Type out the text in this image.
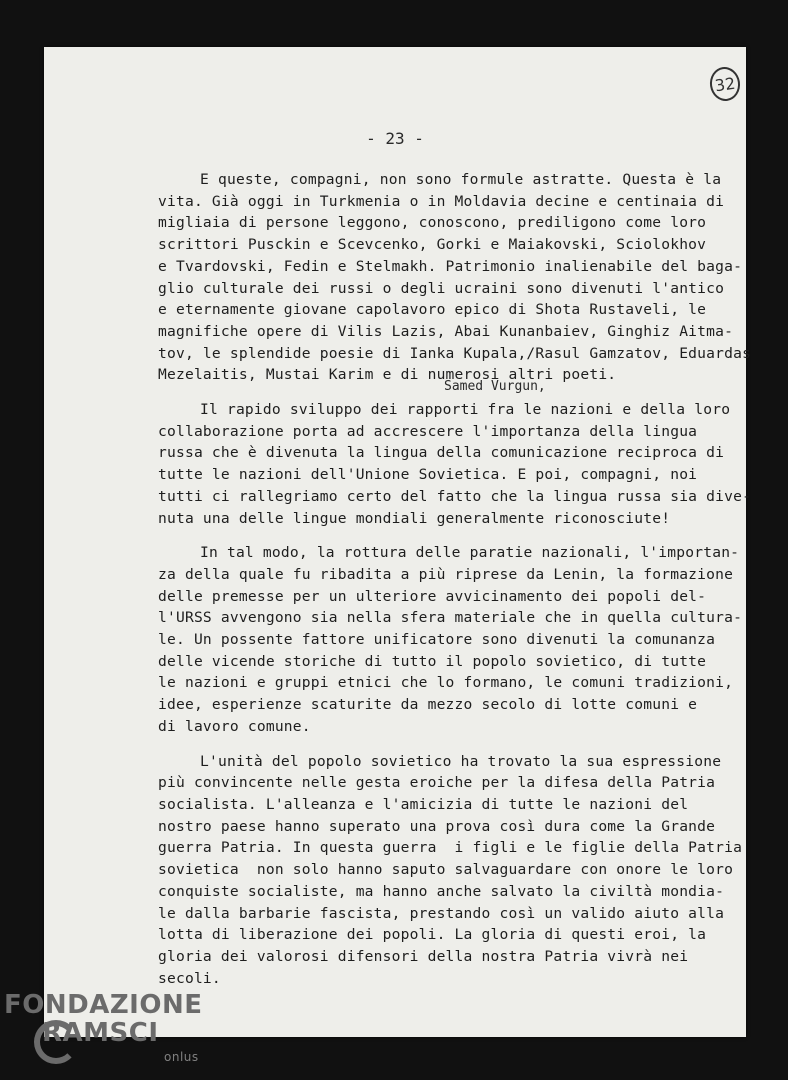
32
- 23 -
E queste, compagni, non sono formule astratte. Questa è la
vita. Già oggi in Turkmenia o in Moldavia decine e centinaia di
migliaia di persone leggono, conoscono, prediligono come loro
scrittori Pusckin e Scevcenko, Gorki e Maiakovski, Sciolokhov
e Tvardovski, Fedin e Stelmakh. Patrimonio inalienabile del baga-
glio culturale dei russi o degli ucraini sono divenuti l'antico
e eternamente giovane capolavoro epico di Shota Rustaveli, le
magnifiche opere di Vilis Lazis, Abai Kunanbaiev, Ginghiz Aitma-
tov, le splendide poesie di Ianka Kupala,/Rasul Gamzatov, Eduardas
Mezelaitis, Mustai Karim e di numerosi altri poeti.
Il rapido sviluppo dei rapporti fra le nazioni e della loro
collaborazione porta ad accrescere l'importanza della lingua
russa che è divenuta la lingua della comunicazione reciproca di
tutte le nazioni dell'Unione Sovietica. E poi, compagni, noi
tutti ci rallegriamo certo del fatto che la lingua russa sia dive-
nuta una delle lingue mondiali generalmente riconosciute!
In tal modo, la rottura delle paratie nazionali, l'importan-
za della quale fu ribadita a più riprese da Lenin, la formazione
delle premesse per un ulteriore avvicinamento dei popoli del-
l'URSS avvengono sia nella sfera materiale che in quella cultura-
le. Un possente fattore unificatore sono divenuti la comunanza
delle vicende storiche di tutto il popolo sovietico, di tutte
le nazioni e gruppi etnici che lo formano, le comuni tradizioni,
idee, esperienze scaturite da mezzo secolo di lotte comuni e
di lavoro comune.
L'unità del popolo sovietico ha trovato la sua espressione
più convincente nelle gesta eroiche per la difesa della Patria
socialista. L'alleanza e l'amicizia di tutte le nazioni del
nostro paese hanno superato una prova così dura come la Grande
guerra Patria. In questa guerra  i figli e le figlie della Patria
sovietica  non solo hanno saputo salvaguardare con onore le loro
conquiste socialiste, ma hanno anche salvato la civiltà mondia-
le dalla barbarie fascista, prestando così un valido aiuto alla
lotta di liberazione dei popoli. La gloria di questi eroi, la
gloria dei valorosi difensori della nostra Patria vivrà nei
secoli.
Samed Vurgun,
FONDAZIONE
RAMSCI
onlus
